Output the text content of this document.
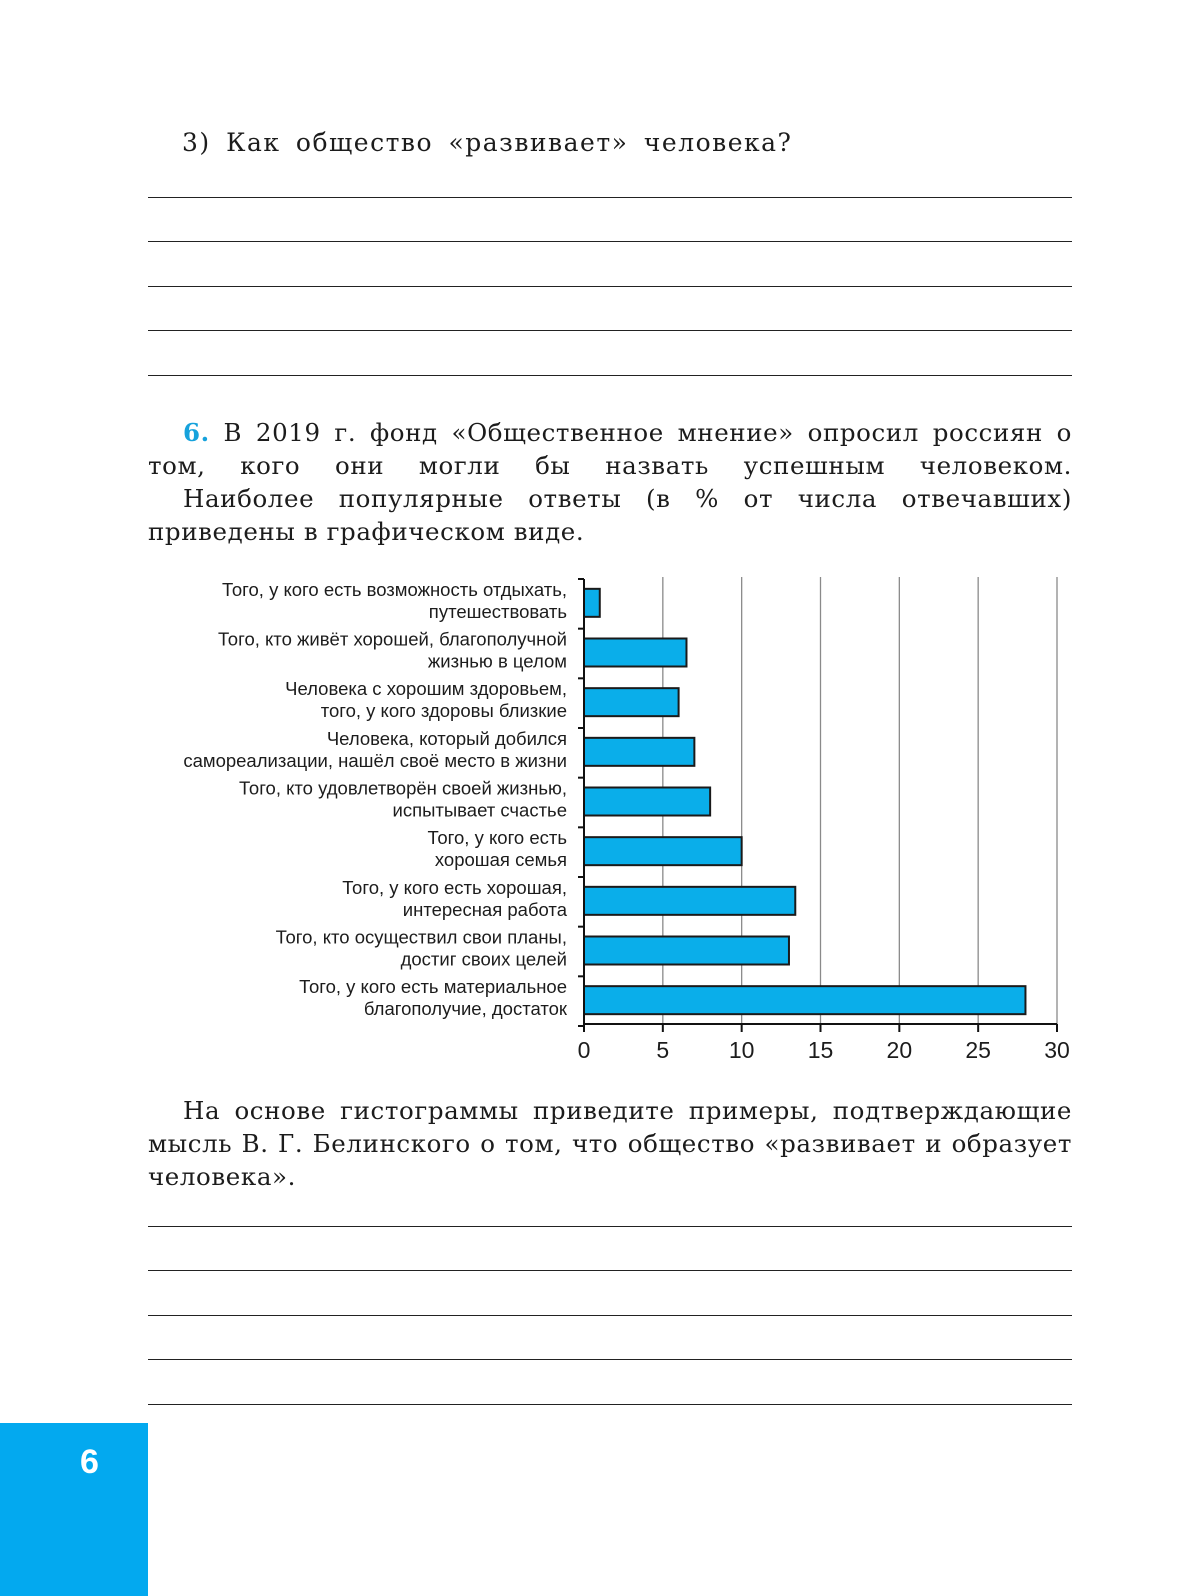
3) Как общество «развивает» человека?

6. В 2019 г. фонд «Общественное мнение» опросил россиян о том, кого они могли бы назвать успешным человеком.

Наиболее популярные ответы (в % от числа отвечавших) приведены в графическом виде.

Того, у кого есть возможность отдыхать,
путешествовать
Того, кто живёт хорошей, благополучной
жизнью в целом
Человека с хорошим здоровьем,
того, у кого здоровы близкие
Человека, который добился
самореализации, нашёл своё место в жизни
Того, кто удовлетворён своей жизнью,
испытывает счастье
Того, у кого есть
хорошая семья
Того, у кого есть хорошая,
интересная работа
Того, кто осуществил свои планы,
достиг своих целей
Того, у кого есть материальное
благополучие, достаток
0	5	10 15 20 25 30

На основе гистограммы приведите примеры, подтверждающие мысль В. Г. Белинского о том, что общество «развивает и образует человека».

6
